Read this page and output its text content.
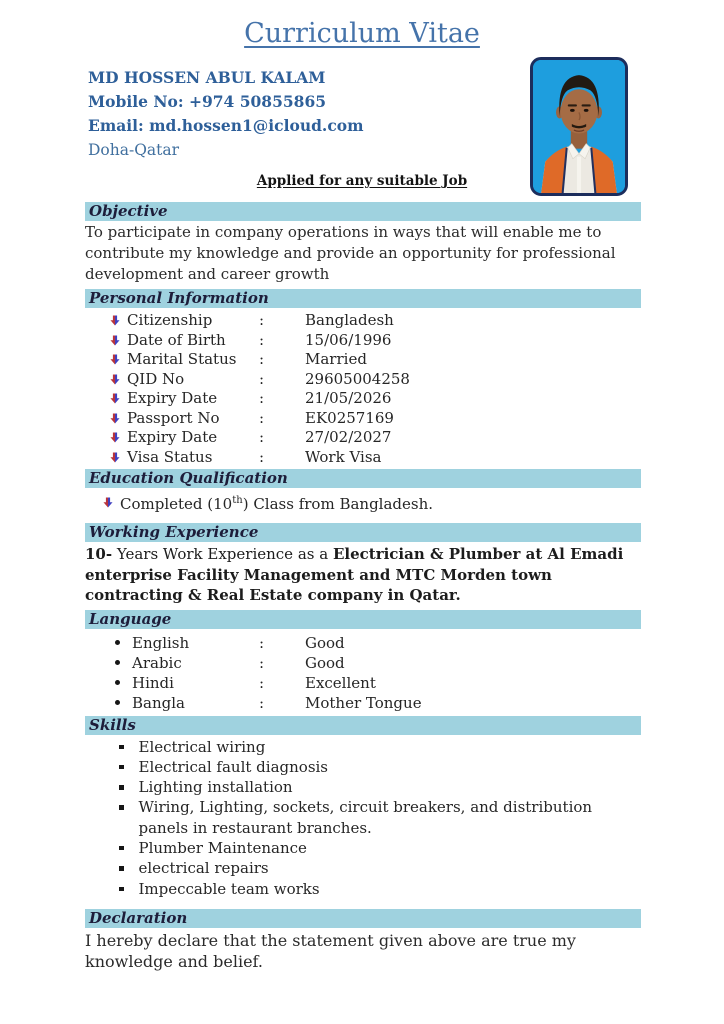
Curriculum Vitae
MD HOSSEN ABUL KALAM
Mobile No: +974 50855865
Email: md.hossen1@icloud.com
Doha-Qatar
Applied for any suitable Job
Objective
To participate in company operations in ways that will enable me to contribute my knowledge and provide an opportunity for professional development and career growth
Personal Information
Citizenship	:	Bangladesh
Date of Birth	:	15/06/1996
Marital Status	:	Married
QID No	:	29605004258
Expiry Date	:	21/05/2026
Passport No	:	EK0257169
Expiry Date	:	27/02/2027
Visa Status	:	Work Visa
Education Qualification
Completed (10th) Class from Bangladesh.
Working Experience
10- Years Work Experience as a Electrician & Plumber at Al Emadi enterprise Facility Management and MTC Morden town contracting & Real Estate company in Qatar.
Language
English	:	Good
Arabic	:	Good
Hindi	:	Excellent
Bangla	:	Mother Tongue
Skills
Electrical wiring
Electrical fault diagnosis
Lighting installation
Wiring, Lighting, sockets, circuit breakers, and distribution panels in restaurant branches.
Plumber Maintenance
electrical repairs
Impeccable team works
Declaration
I hereby declare that the statement given above are true my knowledge and belief.
